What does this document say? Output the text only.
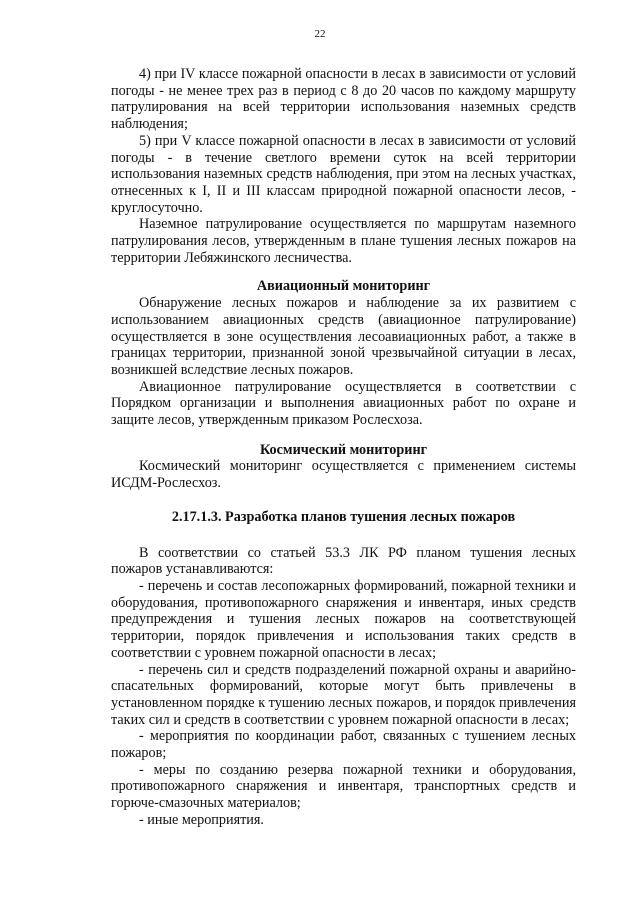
22

4) при IV классе пожарной опасности в лесах в зависимости от условий погоды - не менее трех раз в период с 8 до 20 часов по каждому маршруту патрулирования на всей территории использования наземных средств наблюдения;

5) при V классе пожарной опасности в лесах в зависимости от условий погоды - в течение светлого времени суток на всей территории использования наземных средств наблюдения, при этом на лесных участках, отнесенных к I, II и III классам природной пожарной опасности лесов, - круглосуточно.

Наземное патрулирование осуществляется по маршрутам наземного патрулирования лесов, утвержденным в плане тушения лесных пожаров на территории Лебяжинского лесничества.

Авиационный мониторинг

Обнаружение лесных пожаров и наблюдение за их развитием с использованием авиационных средств (авиационное патрулирование) осуществляется в зоне осуществления лесоавиационных работ, а также в границах территории, признанной зоной чрезвычайной ситуации в лесах, возникшей вследствие лесных пожаров.

Авиационное патрулирование осуществляется в соответствии с Порядком организации и выполнения авиационных работ по охране и защите лесов, утвержденным приказом Рослесхоза.

Космический мониторинг

Космический мониторинг осуществляется с применением системы ИСДМ-Рослесхоз.

2.17.1.3. Разработка планов тушения лесных пожаров

В соответствии со статьей 53.3 ЛК РФ планом тушения лесных пожаров устанавливаются:

- перечень и состав лесопожарных формирований, пожарной техники и оборудования, противопожарного снаряжения и инвентаря, иных средств предупреждения и тушения лесных пожаров на соответствующей территории, порядок привлечения и использования таких средств в соответствии с уровнем пожарной опасности в лесах;

- перечень сил и средств подразделений пожарной охраны и аварийно-спасательных формирований, которые могут быть привлечены в установленном порядке к тушению лесных пожаров, и порядок привлечения таких сил и средств в соответствии с уровнем пожарной опасности в лесах;

- мероприятия по координации работ, связанных с тушением лесных пожаров;

- меры по созданию резерва пожарной техники и оборудования, противопожарного снаряжения и инвентаря, транспортных средств и горюче-смазочных материалов;

- иные мероприятия.
